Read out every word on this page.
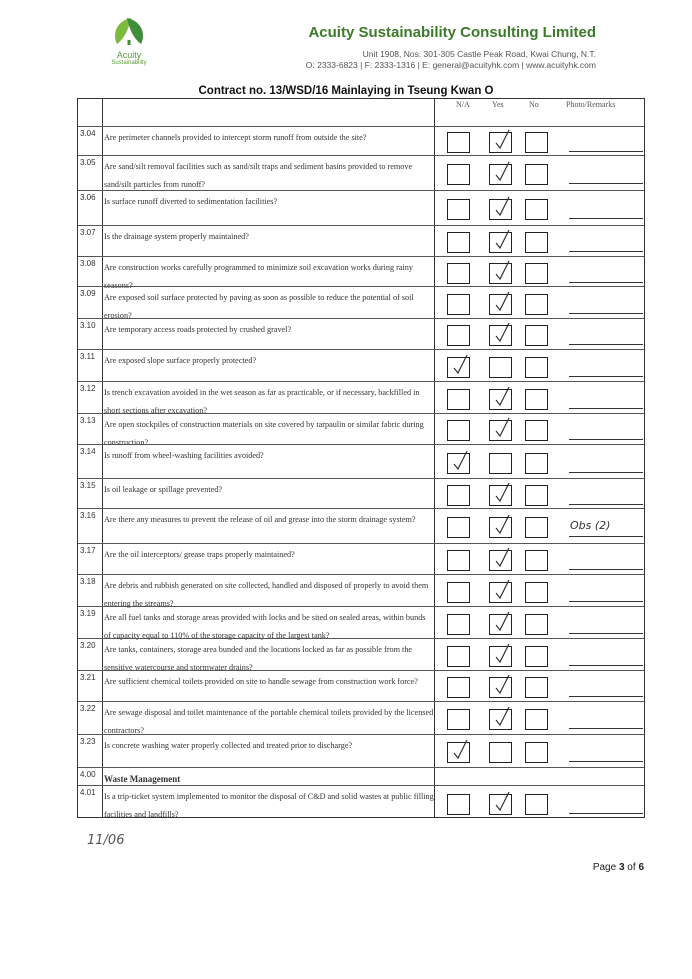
Acuity
Sustainability
Acuity Sustainability Consulting Limited
Unit 1908, Nos. 301-305 Castle Peak Road, Kwai Chung, N.T.
O: 2333-6823 | F: 2333-1316 | E: general@acuityhk.com | www.acuityhk.com
Contract no. 13/WSD/16 Mainlaying in Tseung Kwan O
N/A	Yes	No	Photo/Remarks
3.04 Are perimeter channels provided to intercept storm runoff from outside the site?
3.05 Are sand/silt removal facilities such as sand/silt traps and sediment basins provided to remove sand/silt particles from runoff?
3.06 Is surface runoff diverted to sedimentation facilities?
3.07 Is the drainage system properly maintained?
3.08 Are construction works carefully programmed to minimize soil excavation works during rainy seasons?
3.09 Are exposed soil surface protected by paving as soon as possible to reduce the potential of soil erosion?
3.10 Are temporary access roads protected by crushed gravel?
3.11 Are exposed slope surface properly protected?
3.12 Is trench excavation avoided in the wet season as far as practicable, or if necessary, backfilled in short sections after excavation?
3.13 Are open stockpiles of construction materials on site covered by tarpaulin or similar fabric during construction?
3.14 Is runoff from wheel-washing facilities avoided?
3.15 Is oil leakage or spillage prevented?
3.16 Are there any measures to prevent the release of oil and grease into the storm drainage system?	Obs (2)
3.17 Are the oil interceptors/ grease traps properly maintained?
3.18 Are debris and rubbish generated on site collected, handled and disposed of properly to avoid them entering the streams?
3.19 Are all fuel tanks and storage areas provided with locks and be sited on sealed areas, within bunds of capacity equal to 110% of the storage capacity of the largest tank?
3.20 Are tanks, containers, storage area bunded and the locations locked as far as possible from the sensitive watercourse and stormwater drains?
3.21 Are sufficient chemical toilets provided on site to handle sewage from construction work force?
3.22 Are sewage disposal and toilet maintenance of the portable chemical toilets provided by the licensed contractors?
3.23 Is concrete washing water properly collected and treated prior to discharge?
4.00 Waste Management
4.01 Is a trip-ticket system implemented to monitor the disposal of C&D and solid wastes at public filling facilities and landfills?
11/06
Page 3 of 6
